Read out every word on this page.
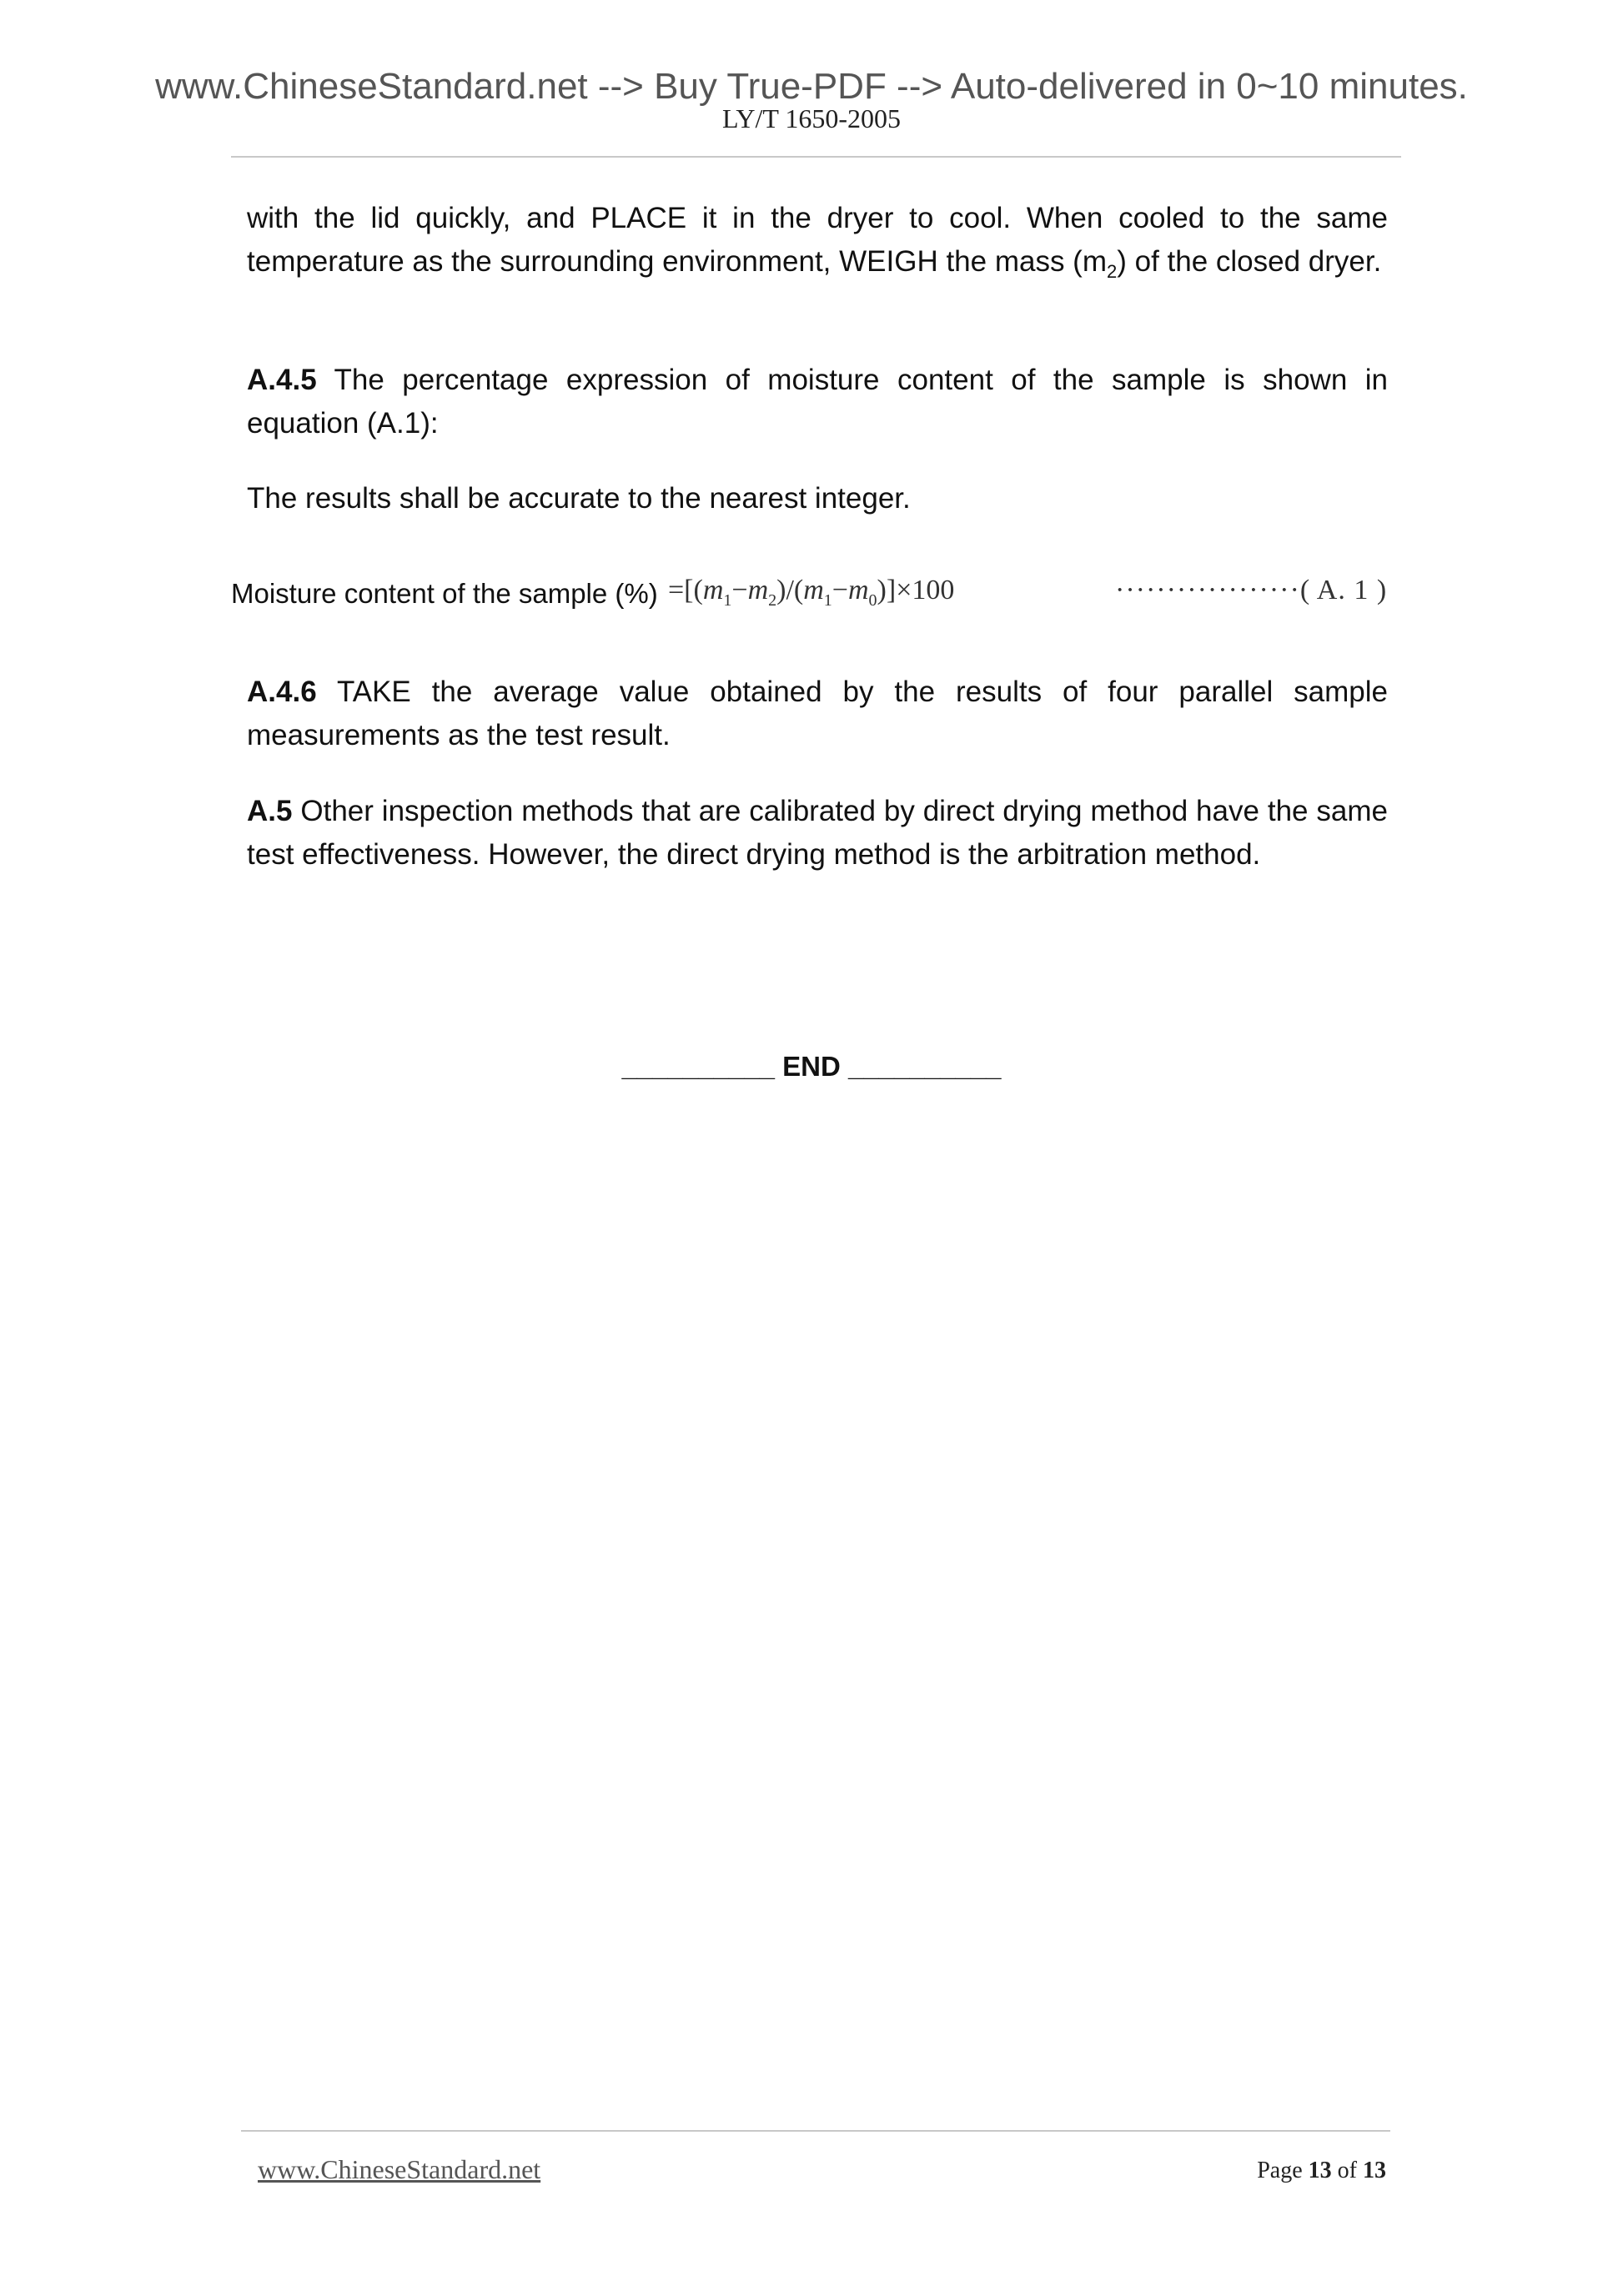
www.ChineseStandard.net --> Buy True-PDF --> Auto-delivered in 0~10 minutes.
LY/T 1650-2005

with the lid quickly, and PLACE it in the dryer to cool. When cooled to the same temperature as the surrounding environment, WEIGH the mass $(m_2)$ of the closed dryer.

A.4.5 The percentage expression of moisture content of the sample is shown in equation (A.1):

The results shall be accurate to the nearest integer.

Moisture content of the sample (%) $=[(m_1-m_2)/(m_1-m_0)]\times 100$	··················( A. 1 )

A.4.6 TAKE the average value obtained by the results of four parallel sample measurements as the test result.

A.5 Other inspection methods that are calibrated by direct drying method have the same test effectiveness. However, the direct drying method is the arbitration method.

__________ END __________
www.ChineseStandard.net	Page 13 of 13
